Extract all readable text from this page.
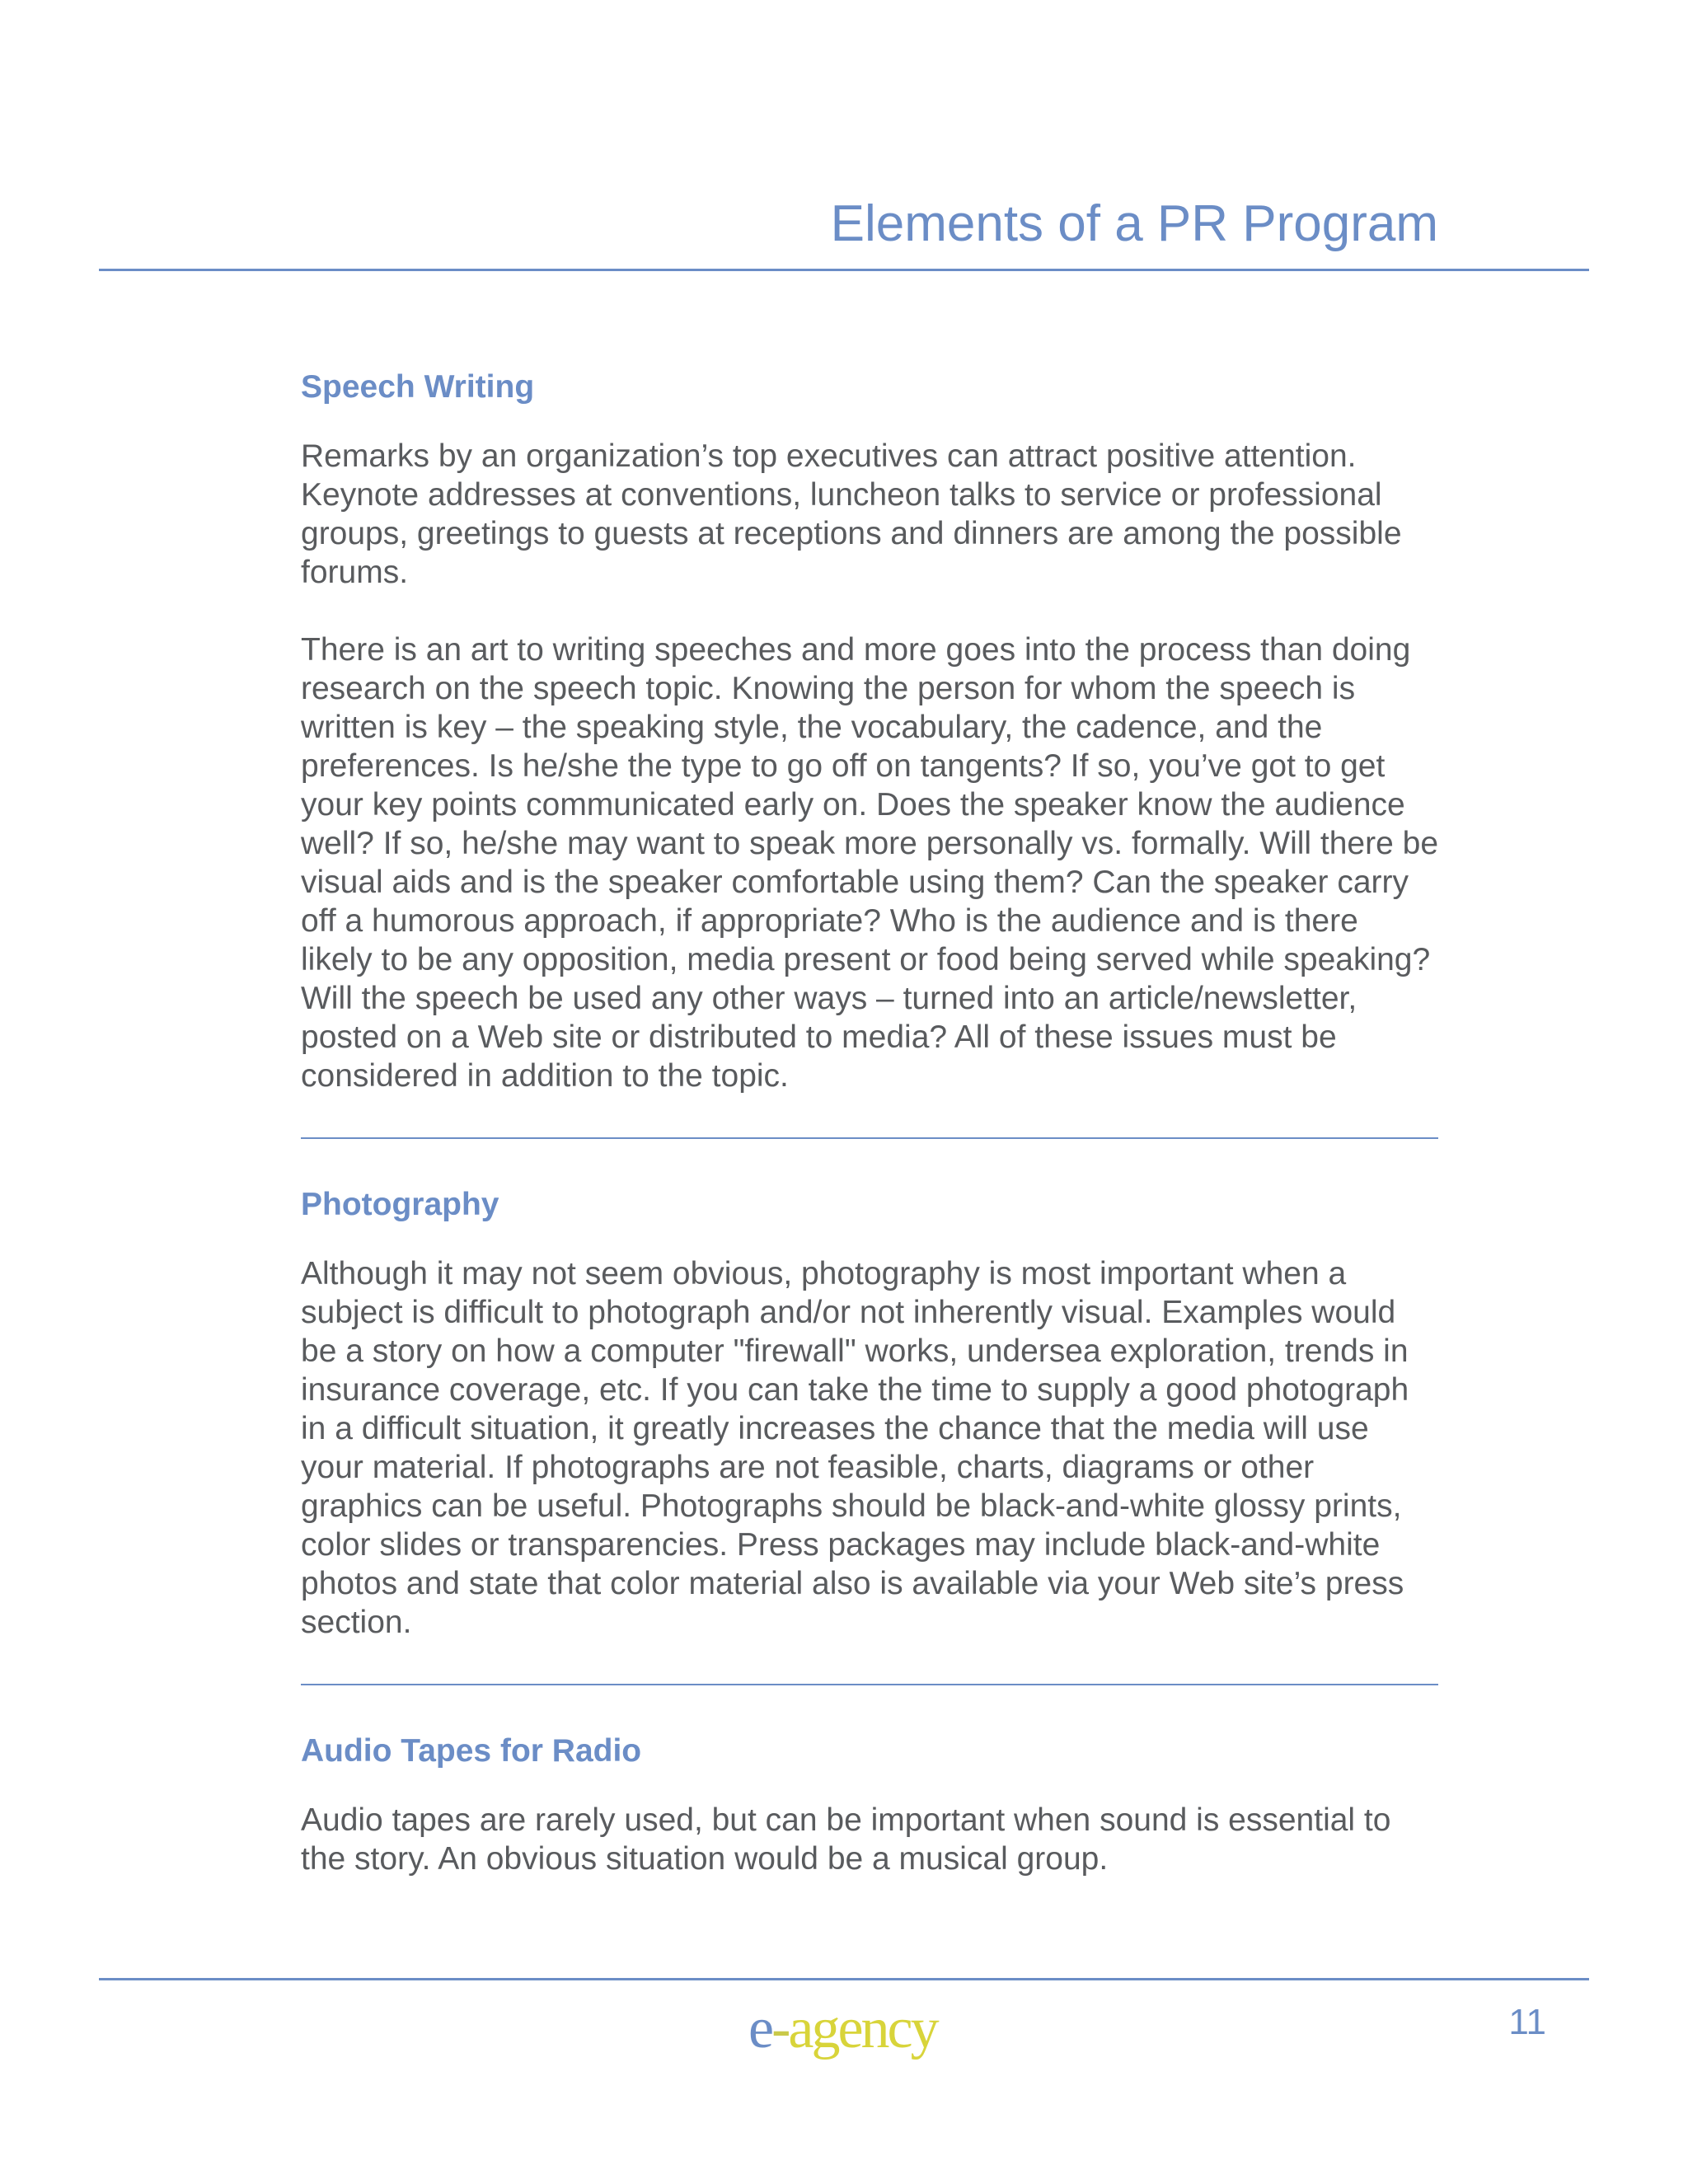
Elements of a PR Program
Speech Writing

Remarks by an organization’s top executives can attract positive attention. Keynote addresses at conventions, luncheon talks to service or professional groups, greetings to guests at receptions and dinners are among the possible forums.

There is an art to writing speeches and more goes into the process than doing research on the speech topic. Knowing the person for whom the speech is written is key – the speaking style, the vocabulary, the cadence, and the preferences. Is he/she the type to go off on tangents? If so, you’ve got to get your key points communicated early on. Does the speaker know the audience well? If so, he/she may want to speak more personally vs. formally. Will there be visual aids and is the speaker comfortable using them? Can the speaker carry off a humorous approach, if appropriate? Who is the audience and is there likely to be any opposition, media present or food being served while speaking? Will the speech be used any other ways – turned into an article/newsletter, posted on a Web site or distributed to media? All of these issues must be considered in addition to the topic.

Photography

Although it may not seem obvious, photography is most important when a subject is difficult to photograph and/or not inherently visual. Examples would be a story on how a computer "firewall" works, undersea exploration, trends in insurance coverage, etc. If you can take the time to supply a good photograph in a difficult situation, it greatly increases the chance that the media will use your material. If photographs are not feasible, charts, diagrams or other graphics can be useful. Photographs should be black-and-white glossy prints, color slides or transparencies. Press packages may include black-and-white photos and state that color material also is available via your Web site’s press section.

Audio Tapes for Radio

Audio tapes are rarely used, but can be important when sound is essential to the story. An obvious situation would be a musical group.

e-agency	11
